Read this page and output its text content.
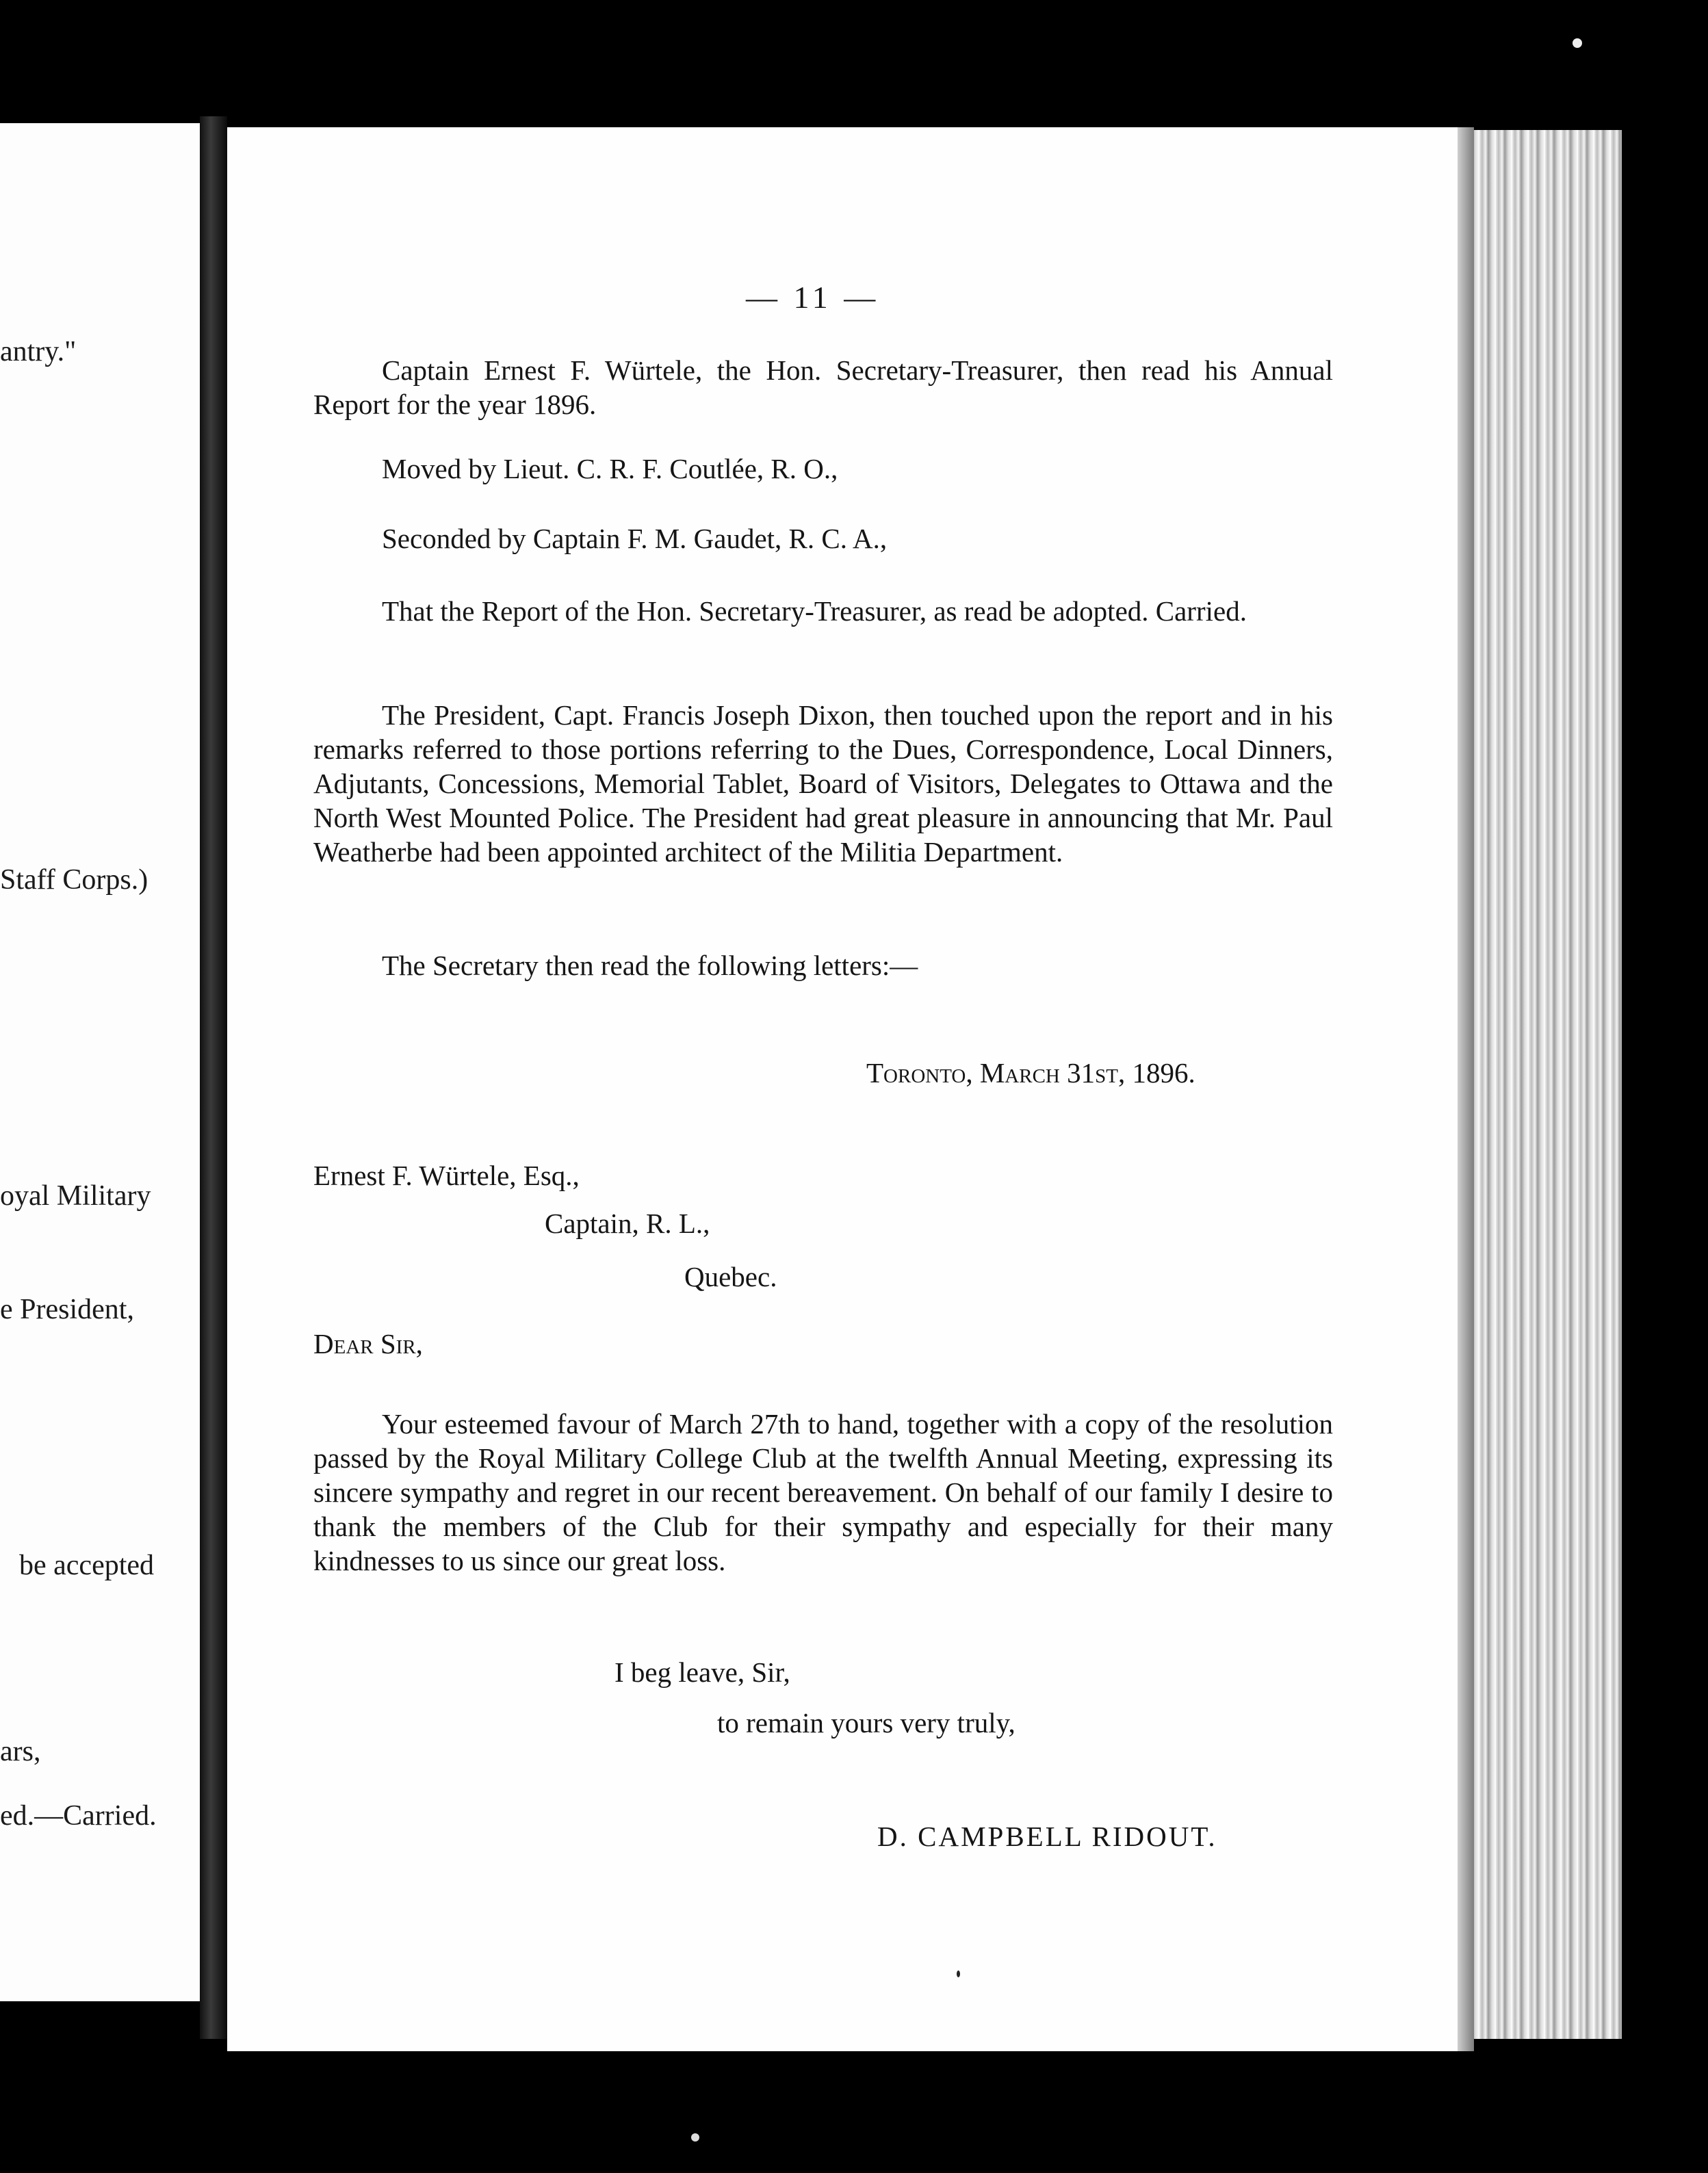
antry."
Staff Corps.)
oyal Military
e President,
be accepted
ars,
ed.—Carried.
— 11 —
Captain Ernest F. Würtele, the Hon. Secretary-Treasurer, then read his Annual Report for the year 1896.
Moved by Lieut. C. R. F. Coutlée, R. O.,
Seconded by Captain F. M. Gaudet, R. C. A.,
That the Report of the Hon. Secretary-Treasurer, as read be adopted. Carried.
The President, Capt. Francis Joseph Dixon, then touched upon the report and in his remarks referred to those portions referring to the Dues, Correspondence, Local Dinners, Adjutants, Concessions, Memorial Tablet, Board of Visitors, Delegates to Ottawa and the North West Mounted Police. The President had great pleasure in announcing that Mr. Paul Weatherbe had been appointed architect of the Militia Department.
The Secretary then read the following letters:—
Toronto, March 31st, 1896.
Ernest F. Würtele, Esq.,
Captain, R. L.,
Quebec.
Dear Sir,
Your esteemed favour of March 27th to hand, together with a copy of the resolution passed by the Royal Military College Club at the twelfth Annual Meeting, expressing its sincere sympathy and regret in our recent bereavement. On behalf of our family I desire to thank the members of the Club for their sympathy and especially for their many kindnesses to us since our great loss.
I beg leave, Sir,
to remain yours very truly,
D. CAMPBELL RIDOUT.
